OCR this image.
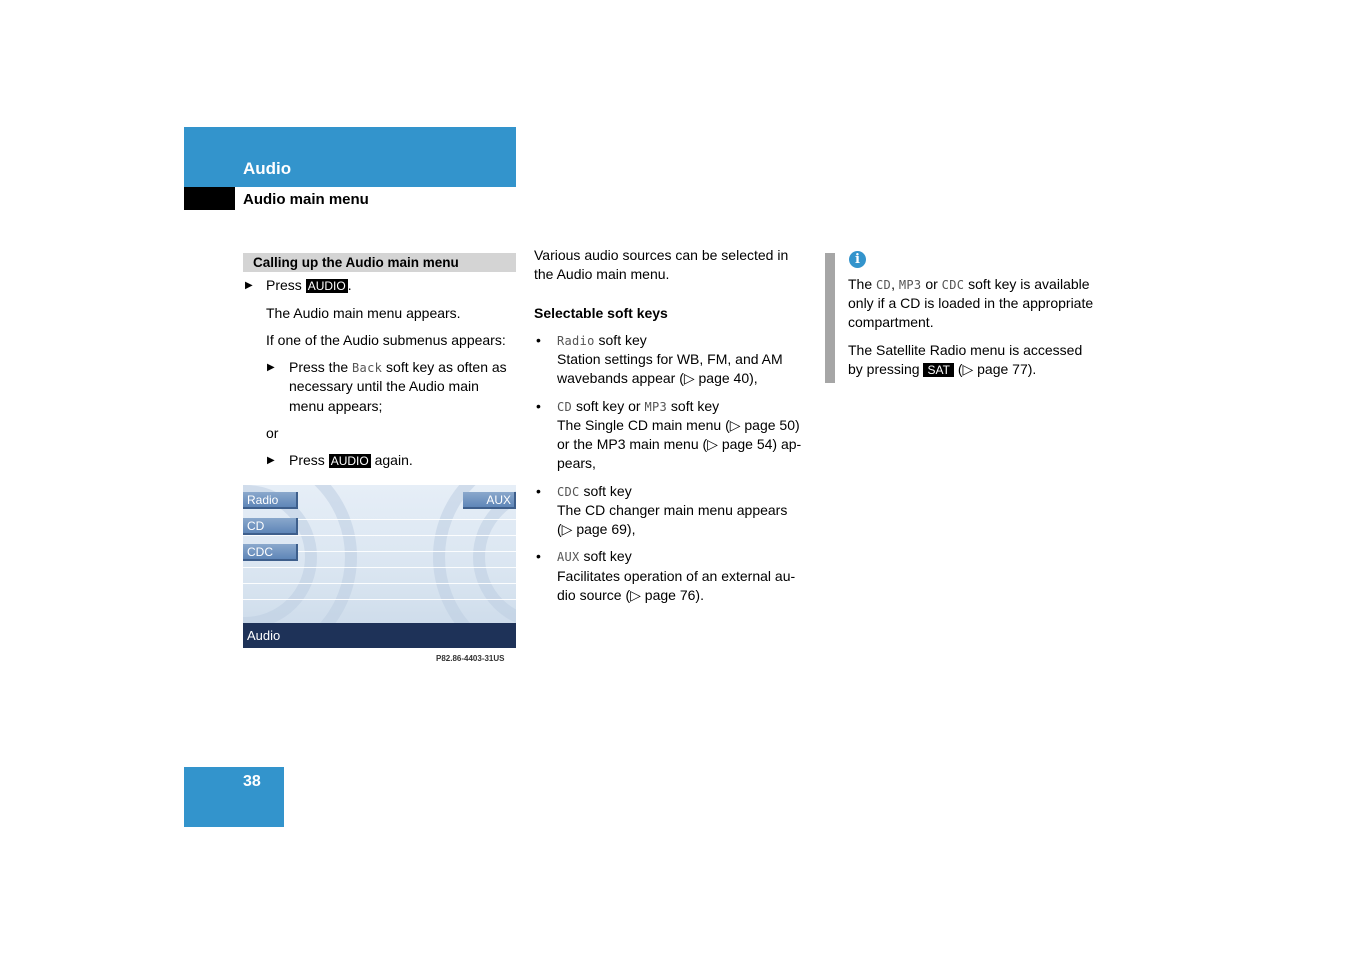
Audio
Audio main menu
Calling up the Audio main menu
▶ Press AUDIO .
The Audio main menu appears.
If one of the Audio submenus appears:
▶ Press the Back soft key as often as
necessary until the Audio main
menu appears;
or
▶ Press AUDIO again.
Radio
CD
CDC
AUX
Audio
P82.86-4403-31US
Various audio sources can be selected in
the Audio main menu.
Selectable soft keys
• Radio soft key
Station settings for WB, FM, and AM
wavebands appear (▷ page 40),
• CD soft key or MP3 soft key
The Single CD main menu (▷ page 50)
or the MP3 main menu (▷ page 54) ap-
pears,
• CDC soft key
The CD changer main menu appears
(▷ page 69),
• AUX soft key
Facilitates operation of an external au-
dio source (▷ page 76).
i
The CD, MP3 or CDC soft key is available
only if a CD is loaded in the appropriate
compartment.
The Satellite Radio menu is accessed
by pressing SAT (▷ page 77).
38
